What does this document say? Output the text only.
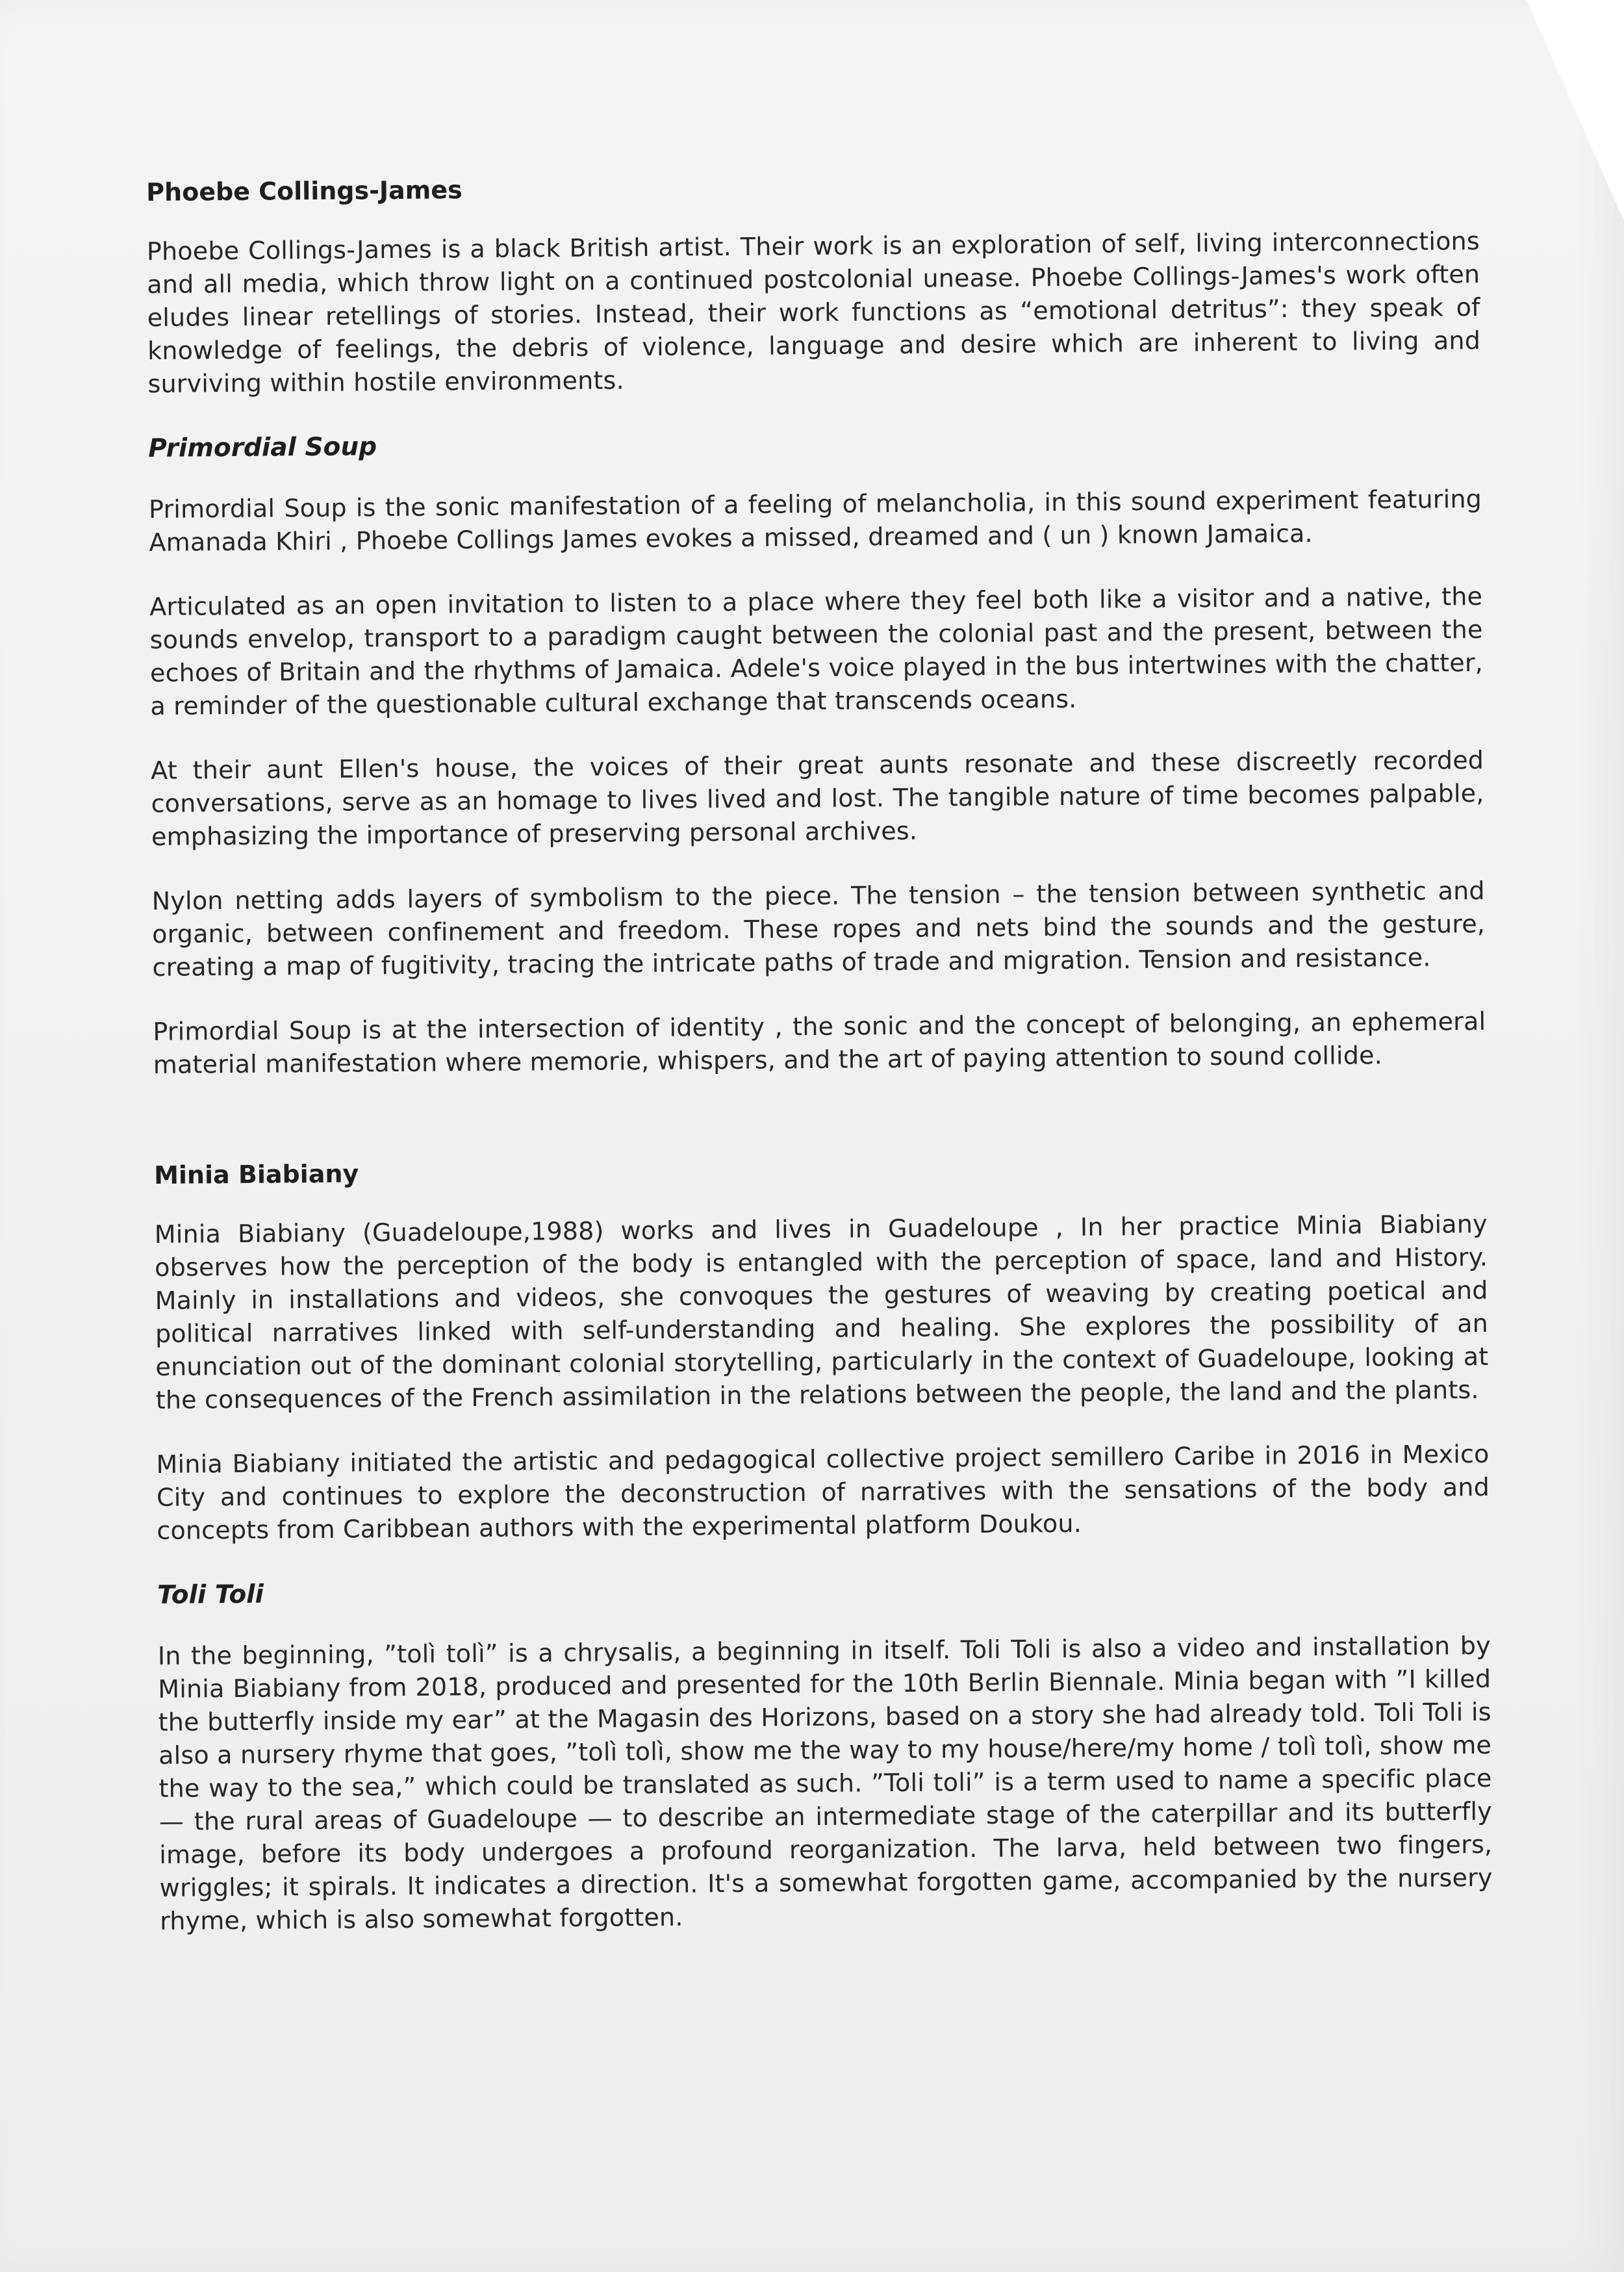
Phoebe Collings-James

Phoebe Collings-James is a black British artist. Their work is an exploration of self, living interconnections and all media, which throw light on a continued postcolonial unease. Phoebe Collings-James's work often eludes linear retellings of stories. Instead, their work functions as “emotional detritus”: they speak of knowledge of feelings, the debris of violence, language and desire which are inherent to living and surviving within hostile environments.

Primordial Soup

Primordial Soup is the sonic manifestation of a feeling of melancholia, in this sound experiment featuring Amanada Khiri , Phoebe Collings James evokes a missed, dreamed and ( un ) known Jamaica.

Articulated as an open invitation to listen to a place where they feel both like a visitor and a native, the sounds envelop, transport to a paradigm caught between the colonial past and the present, between the echoes of Britain and the rhythms of Jamaica. Adele's voice played in the bus intertwines with the chatter, a reminder of the questionable cultural exchange that transcends oceans.

At their aunt Ellen's house, the voices of their great aunts resonate and these discreetly recorded conversations, serve as an homage to lives lived and lost. The tangible nature of time becomes palpable, emphasizing the importance of preserving personal archives.

Nylon netting adds layers of symbolism to the piece. The tension – the tension between synthetic and organic, between confinement and freedom. These ropes and nets bind the sounds and the gesture, creating a map of fugitivity, tracing the intricate paths of trade and migration. Tension and resistance.

Primordial Soup is at the intersection of identity , the sonic and the concept of belonging, an ephemeral material manifestation where memorie, whispers, and the art of paying attention to sound collide.

Minia Biabiany

Minia Biabiany (Guadeloupe,1988) works and lives in Guadeloupe , In her practice Minia Biabiany observes how the perception of the body is entangled with the perception of space, land and History. Mainly in installations and videos, she convoques the gestures of weaving by creating poetical and political narratives linked with self-understanding and healing. She explores the possibility of an enunciation out of the dominant colonial storytelling, particularly in the context of Guadeloupe, looking at the consequences of the French assimilation in the relations between the people, the land and the plants.

Minia Biabiany initiated the artistic and pedagogical collective project semillero Caribe in 2016 in Mexico City and continues to explore the deconstruction of narratives with the sensations of the body and concepts from Caribbean authors with the experimental platform Doukou.

Toli Toli

In the beginning, ”tolì tolì” is a chrysalis, a beginning in itself. Toli Toli is also a video and installation by Minia Biabiany from 2018, produced and presented for the 10th Berlin Biennale. Minia began with ”I killed the butterfly inside my ear” at the Magasin des Horizons, based on a story she had already told. Toli Toli is also a nursery rhyme that goes, ”tolì tolì, show me the way to my house/here/my home / tolì tolì, show me the way to the sea,” which could be translated as such. ”Toli toli” is a term used to name a specific place — the rural areas of Guadeloupe — to describe an intermediate stage of the caterpillar and its butterfly image, before its body undergoes a profound reorganization. The larva, held between two fingers, wriggles; it spirals. It indicates a direction. It's a somewhat forgotten game, accompanied by the nursery rhyme, which is also somewhat forgotten.
